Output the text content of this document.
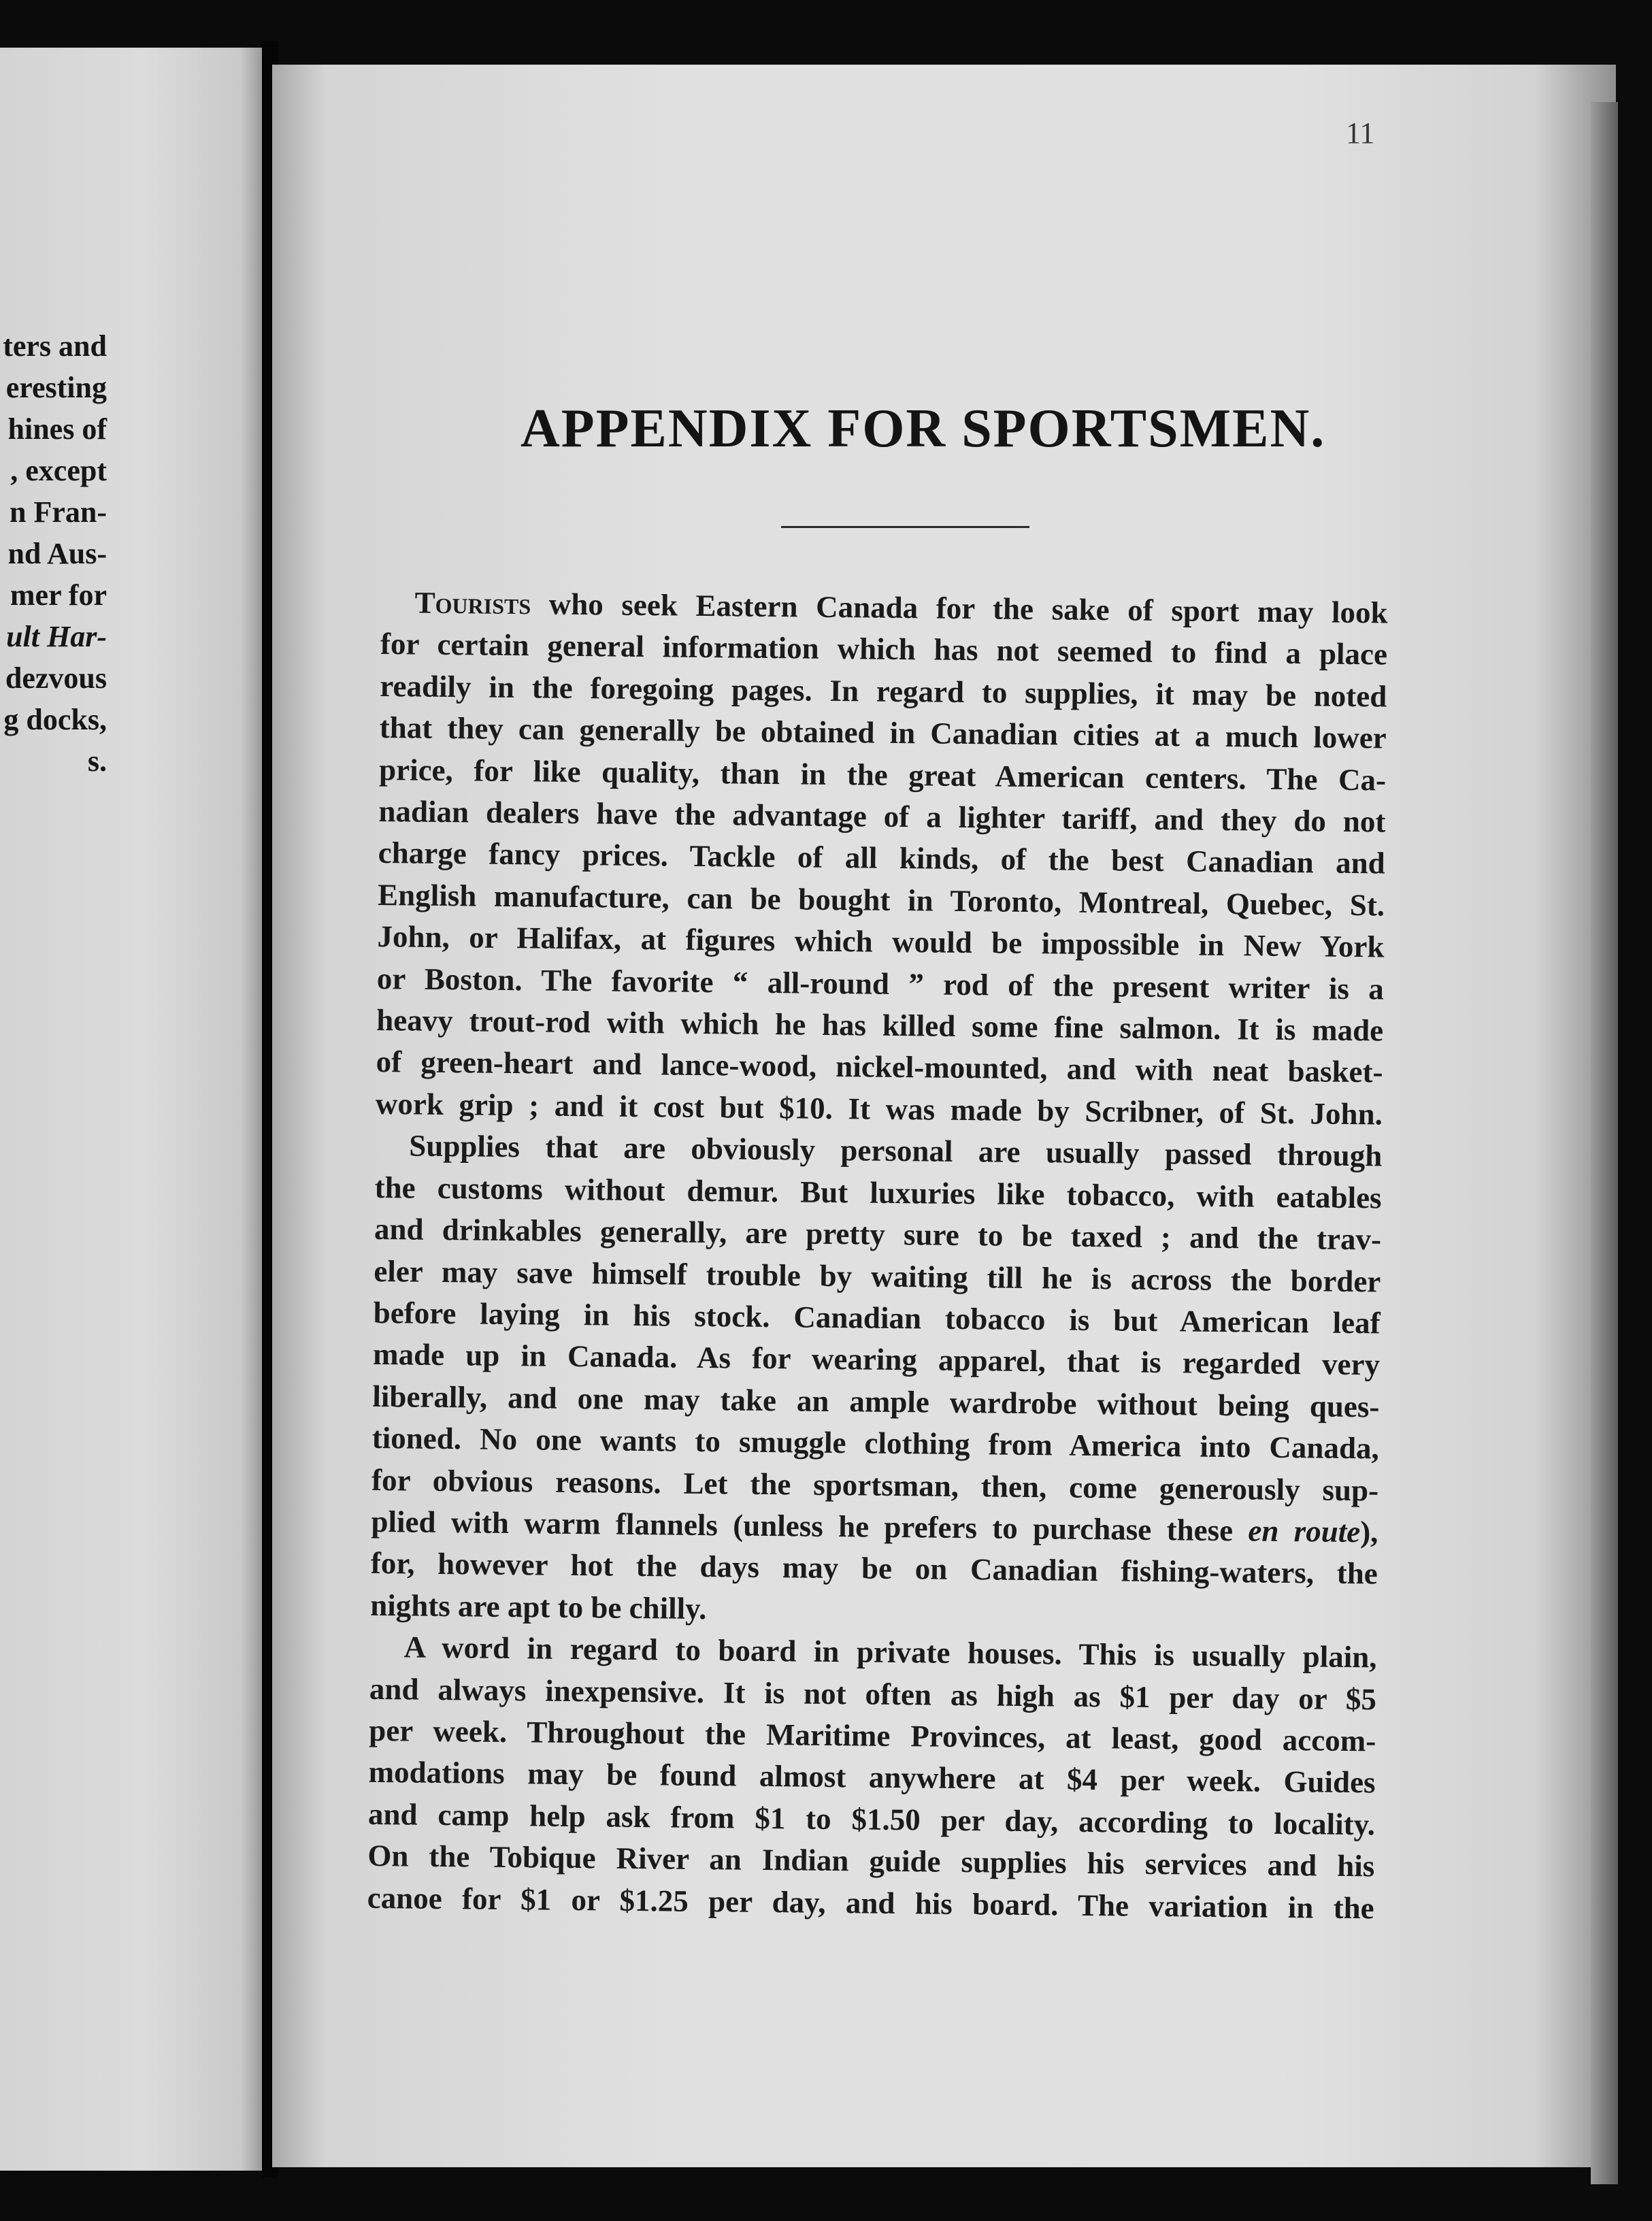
ters and
eresting
hines of
, except
n Fran-
nd Aus-
mer for
ult Har-
dezvous
g docks,
s.
11
APPENDIX FOR SPORTSMEN.

Tourists who seek Eastern Canada for the sake of sport may look
for certain general information which has not seemed to find a place
readily in the foregoing pages. In regard to supplies, it may be noted
that they can generally be obtained in Canadian cities at a much lower
price, for like quality, than in the great American centers. The Ca-
nadian dealers have the advantage of a lighter tariff, and they do not
charge fancy prices. Tackle of all kinds, of the best Canadian and
English manufacture, can be bought in Toronto, Montreal, Quebec, St.
John, or Halifax, at figures which would be impossible in New York
or Boston. The favorite “ all-round ” rod of the present writer is a
heavy trout-rod with which he has killed some fine salmon. It is made
of green-heart and lance-wood, nickel-mounted, and with neat basket-
work grip ; and it cost but $10. It was made by Scribner, of St. John.

Supplies that are obviously personal are usually passed through
the customs without demur. But luxuries like tobacco, with eatables
and drinkables generally, are pretty sure to be taxed ; and the trav-
eler may save himself trouble by waiting till he is across the border
before laying in his stock. Canadian tobacco is but American leaf
made up in Canada. As for wearing apparel, that is regarded very
liberally, and one may take an ample wardrobe without being ques-
tioned. No one wants to smuggle clothing from America into Canada,
for obvious reasons. Let the sportsman, then, come generously sup-
plied with warm flannels (unless he prefers to purchase these en route),
for, however hot the days may be on Canadian fishing-waters, the
nights are apt to be chilly.

A word in regard to board in private houses. This is usually plain,
and always inexpensive. It is not often as high as $1 per day or $5
per week. Throughout the Maritime Provinces, at least, good accom-
modations may be found almost anywhere at $4 per week. Guides
and camp help ask from $1 to $1.50 per day, according to locality.
On the Tobique River an Indian guide supplies his services and his
canoe for $1 or $1.25 per day, and his board. The variation in the
